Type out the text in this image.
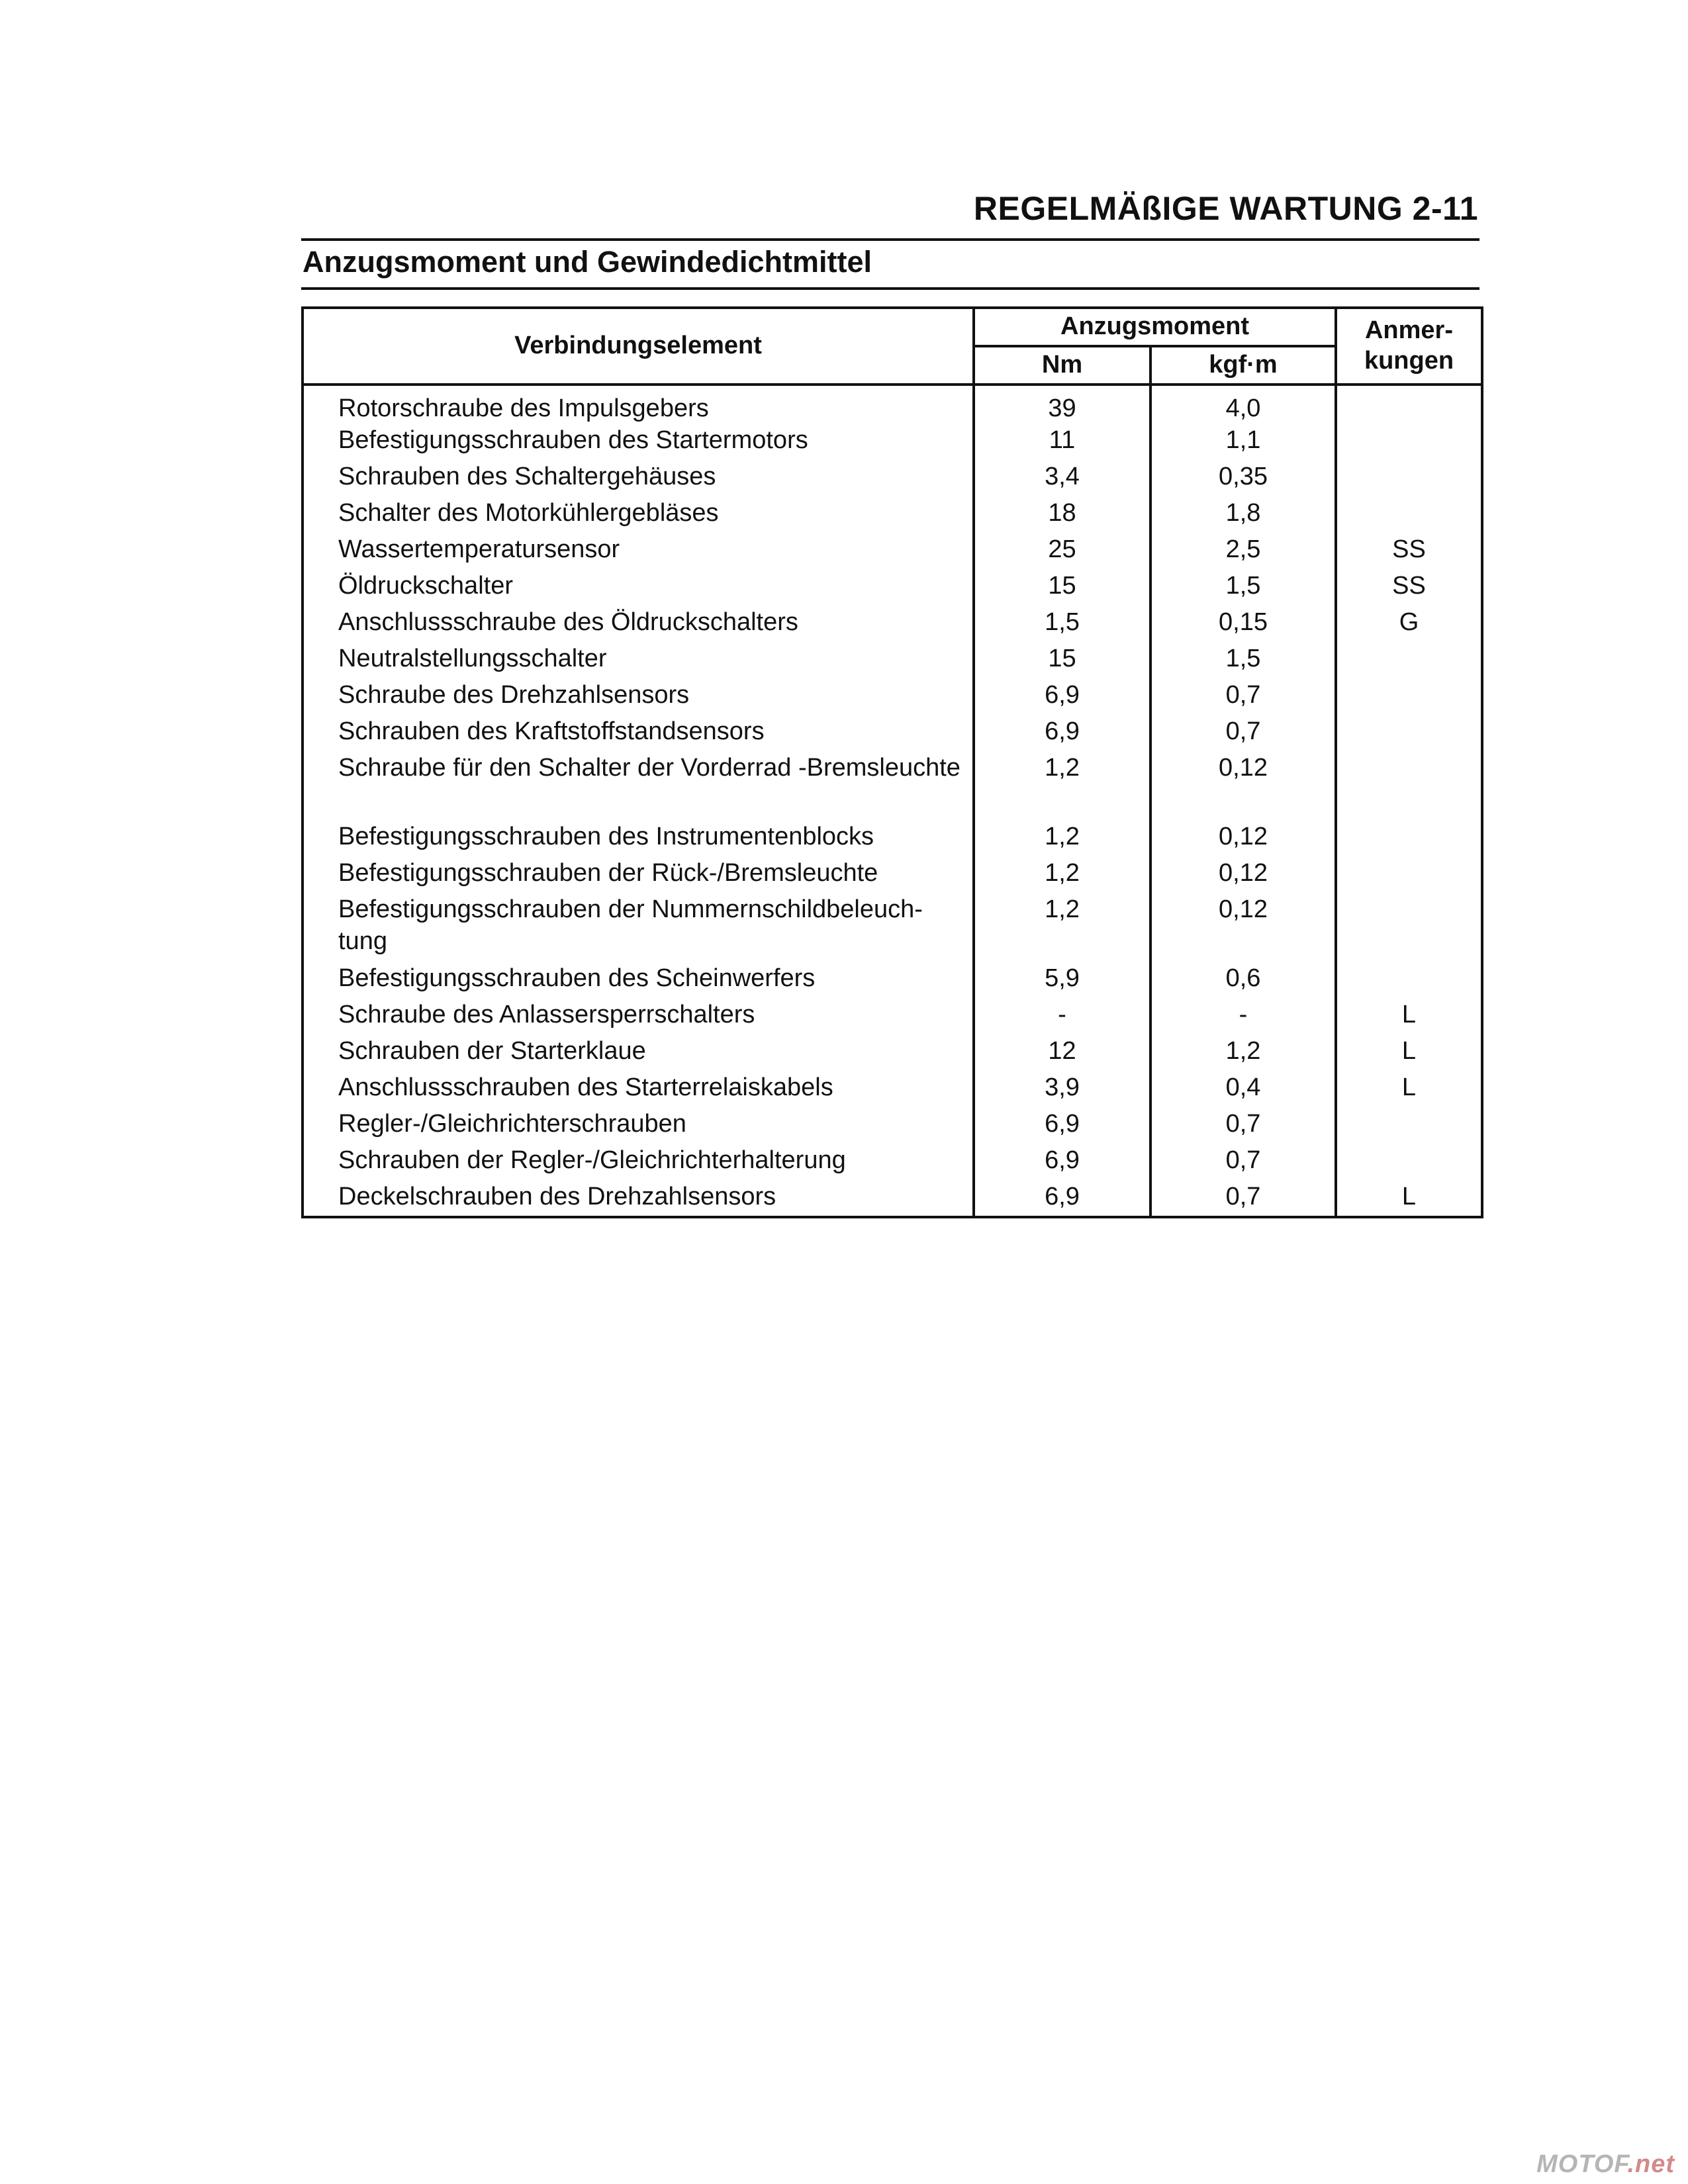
REGELMÄßIGE WARTUNG 2-11
Anzugsmoment und Gewindedichtmittel
Verbindungselement	Anzugsmoment		Anmer-
kungen
	Nm	kgf·m	
Rotorschraube des Impulsgebers	39	4,0	
Befestigungsschrauben des Startermotors	11	1,1	
Schrauben des Schaltergehäuses	3,4	0,35	
Schalter des Motorkühlergebläses	18	1,8	
Wassertemperatursensor	25	2,5	SS
Öldruckschalter	15	1,5	SS
Anschlussschraube des Öldruckschalters	1,5	0,15	G
Neutralstellungsschalter	15	1,5	
Schraube des Drehzahlsensors	6,9	0,7	
Schrauben des Kraftstoffstandsensors	6,9	0,7	
Schraube für den Schalter der Vorderrad -Bremsleuchte	1,2	0,12	
Befestigungsschrauben des Instrumentenblocks	1,2	0,12	
Befestigungsschrauben der Rück-/Bremsleuchte	1,2	0,12	
Befestigungsschrauben der Nummernschildbeleuch-tung	1,2	0,12	
Befestigungsschrauben des Scheinwerfers	5,9	0,6	
Schraube des Anlassersperrschalters	-	-	L
Schrauben der Starterklaue	12	1,2	L
Anschlussschrauben des Starterrelaiskabels	3,9	0,4	L
Regler-/Gleichrichterschrauben	6,9	0,7	
Schrauben der Regler-/Gleichrichterhalterung	6,9	0,7	
Deckelschrauben des Drehzahlsensors	6,9	0,7	L
MOTOF.net
